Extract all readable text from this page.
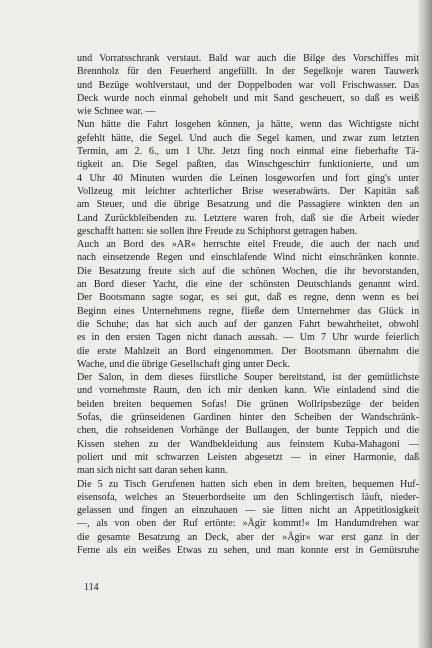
und Vorratsschrank verstaut. Bald war auch die Bilge des Vorschiffes mit
Brennholz für den Feuerherd angefüllt. In der Segelkoje waren Tauwerk
und Bezüge wohlverstaut, und der Doppelboden war voll Frischwasser. Das
Deck wurde noch einmal gehobelt und mit Sand gescheuert, so daß es weiß
wie Schnee war. —
Nun hätte die Fahrt losgehen können, ja hätte, wenn das Wichtigste nicht
gefehlt hätte, die Segel. Und auch die Segel kamen, und zwar zum letzten
Termin, am 2. 6., um 1 Uhr. Jetzt fing noch einmal eine fieberhafte Tä-
tigkeit an. Die Segel paßten, das Winschgeschirr funktionierte, und um
4 Uhr 40 Minuten wurden die Leinen losgeworfen und fort ging's unter
Vollzeug mit leichter achterlicher Brise weserabwärts. Der Kapitän saß
am Steuer, und die übrige Besatzung und die Passagiere winkten den an
Land Zurückbleibenden zu. Letztere waren froh, daß sie die Arbeit wieder
geschafft hatten: sie sollen ihre Freude zu Schiphorst getragen haben.
Auch an Bord des »AR« herrschte eitel Freude, die auch der nach und
nach einsetzende Regen und einschlafende Wind nicht einschränken konnte.
Die Besatzung freute sich auf die schönen Wochen, die ihr bevorstanden,
an Bord dieser Yacht, die eine der schönsten Deutschlands genannt wird.
Der Bootsmann sagte sogar, es sei gut, daß es regne, denn wenn es bei
Beginn eines Unternehmens regne, fließe dem Unternehmer das Glück in
die Schuhe; das hat sich auch auf der ganzen Fahrt bewahrheitet, obwohl
es in den ersten Tagen nicht danach aussah. — Um 7 Uhr wurde feierlich
die erste Mahlzeit an Bord eingenommen. Der Bootsmann übernahm die
Wache, und die übrige Gesellschaft ging unter Deck.
Der Salon, in dem dieses fürstliche Souper bereitstand, ist der gemütlichste
und vornehmste Raum, den ich mir denken kann. Wie einladend sind die
beiden breiten bequemen Sofas! Die grünen Wollripsbezüge der beiden
Sofas, die grünseidenen Gardinen hinter den Scheiben der Wandschränk-
chen, die rohseidenen Vorhänge der Bullaugen, der bunte Teppich und die
Kissen stehen zu der Wandbekleidung aus feinstem Kuba-Mahagoni —
poliert und mit schwarzen Leisten abgesetzt — in einer Harmonie, daß
man sich nicht satt daran sehen kann.
Die 5 zu Tisch Gerufenen hatten sich eben in dem breiten, bequemen Huf-
eisensofa, welches an Steuerbordseite um den Schlingertisch läuft, nieder-
gelassen und fingen an einzuhauen — sie litten nicht an Appetitlosigkeit
—, als von oben der Ruf ertönte: »Ägir kommt!« Im Handumdrehen war
die gesamte Besatzung an Deck, aber der »Ägir« war erst ganz in der
Ferne als ein weißes Etwas zu sehen, und man konnte erst in Gemütsruhe
114
